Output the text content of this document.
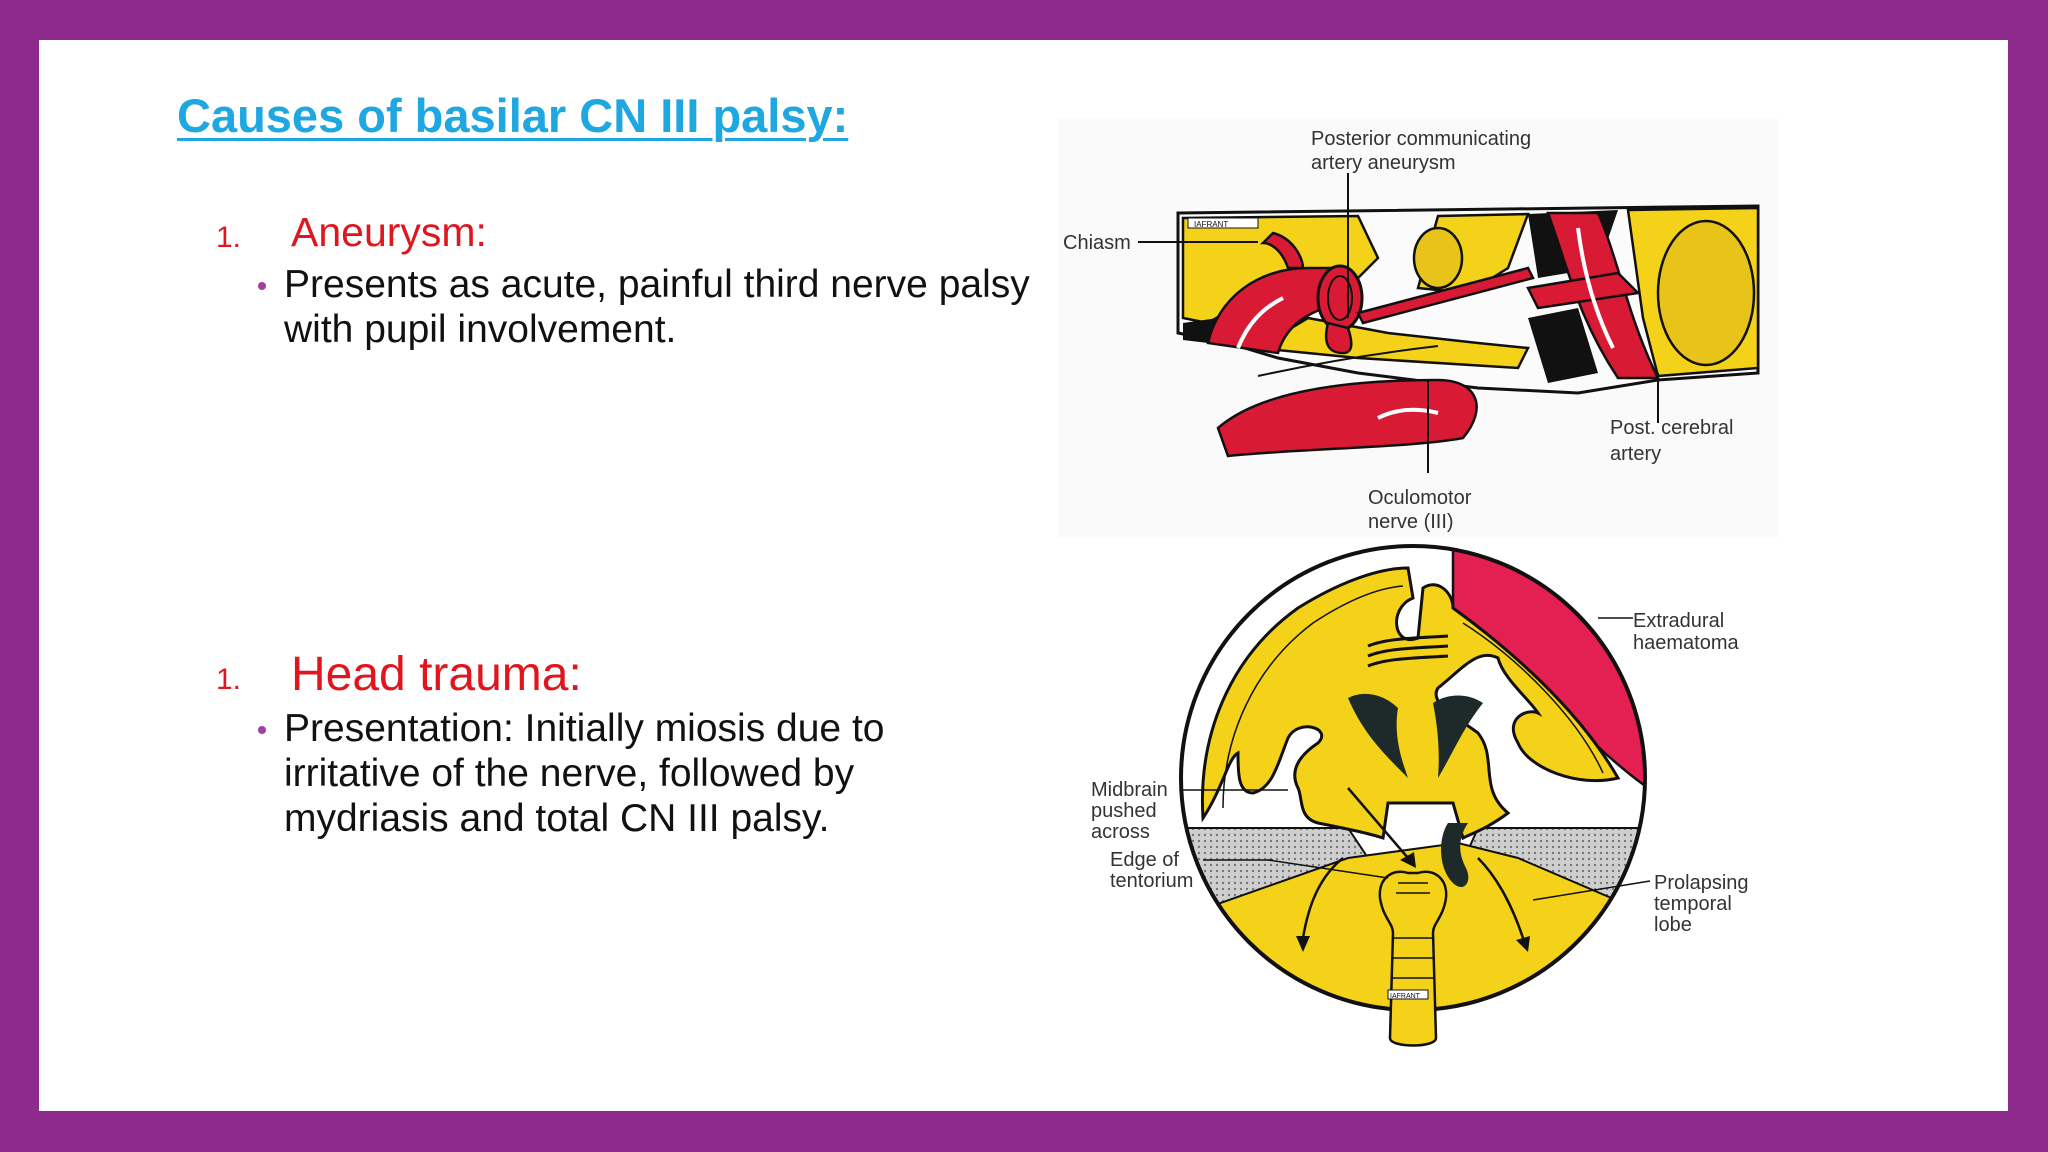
Causes of basilar CN III palsy:
1. Aneurysm:
Presents as acute, painful third nerve palsy with pupil involvement.
1. Head trauma:
Presentation: Initially miosis due to irritative of the nerve, followed by mydriasis and total CN III palsy.
IAFRANT
Posterior communicating
artery aneurysm
Chiasm
Post. cerebral
artery
Oculomotor
nerve (III)
IAFRANT
Extradural
haematoma
Midbrain
pushed
across
Edge of
tentorium	Prolapsing
temporal
lobe
